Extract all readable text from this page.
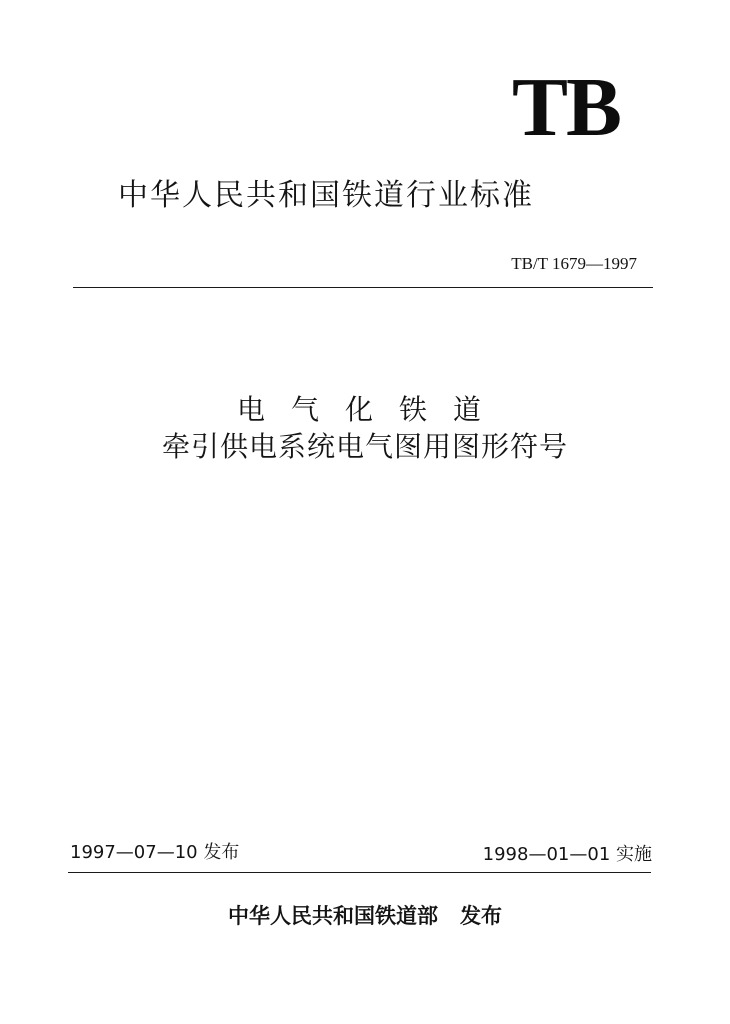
TB
中华人民共和国铁道行业标准
TB/T 1679—1997
电气化铁道
牵引供电系统电气图用图形符号
1997—07—10 发布	1998—01—01 实施
中华人民共和国铁道部 发布
